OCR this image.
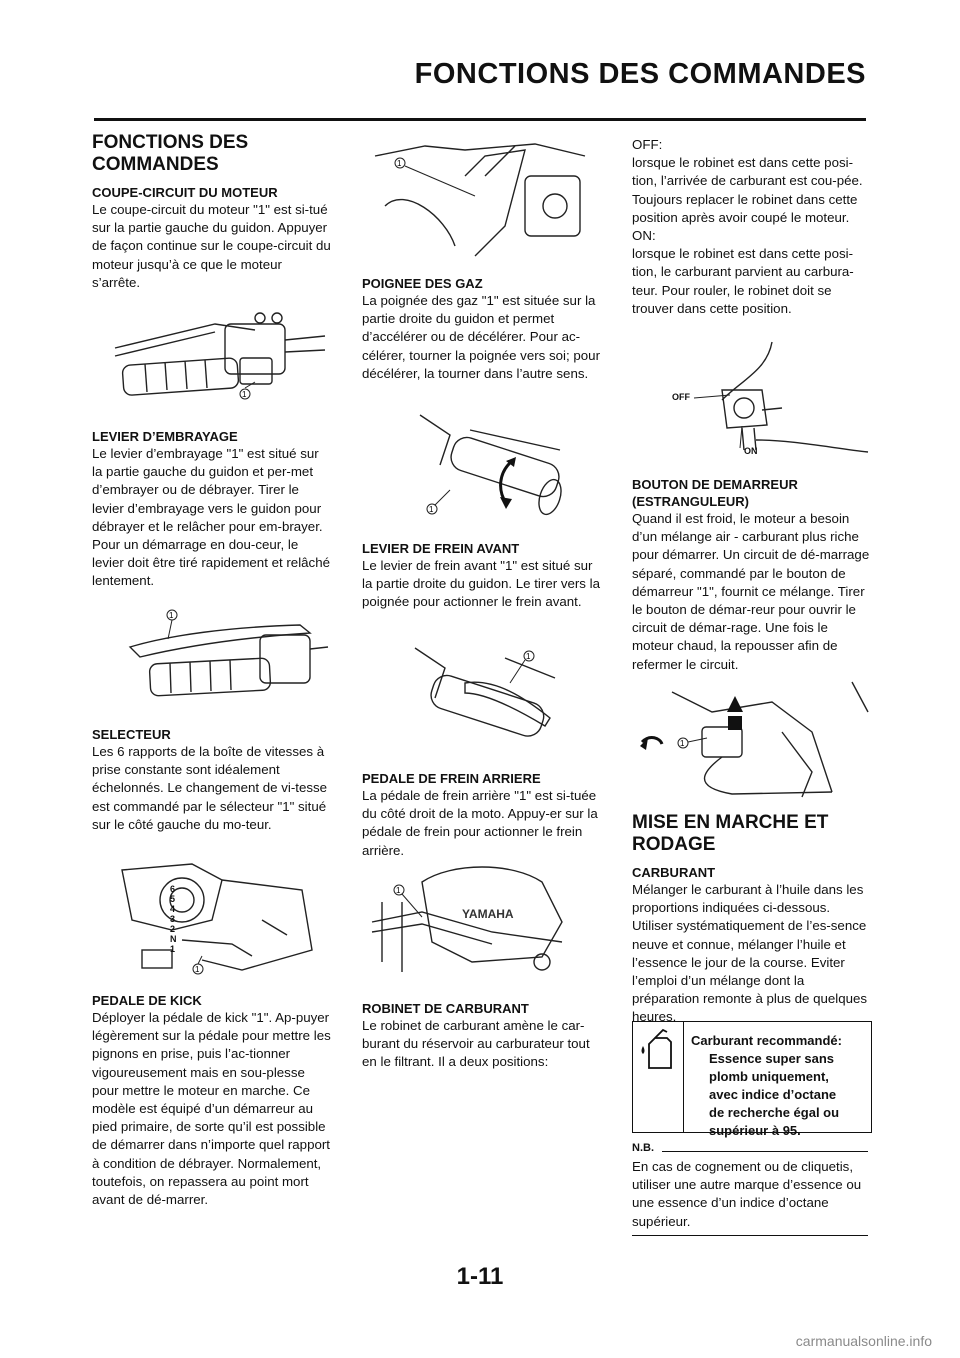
FONCTIONS DES COMMANDES
FONCTIONS DES COMMANDES
COUPE-CIRCUIT DU MOTEUR

Le coupe-circuit du moteur "1" est si-tué sur la partie gauche du guidon. Appuyer de façon continue sur le coupe-circuit du moteur jusqu’à ce que le moteur s’arrête.

1
LEVIER D’EMBRAYAGE

Le levier d’embrayage "1" est situé sur la partie gauche du guidon et per-met d’embrayer ou de débrayer. Tirer le levier d’embrayage vers le guidon pour débrayer et le relâcher pour em-brayer. Pour un démarrage en dou-ceur, le levier doit être tiré rapidement et relâché lentement.

1
SELECTEUR

Les 6 rapports de la boîte de vitesses à prise constante sont idéalement échelonnés. Le changement de vi-tesse est commandé par le sélecteur "1" situé sur le côté gauche du mo-teur.

6
5
4
3
2
N
1
1
PEDALE DE KICK

Déployer la pédale de kick "1". Ap-puyer légèrement sur la pédale pour mettre les pignons en prise, puis l’ac-tionner vigoureusement mais en sou-plesse pour mettre le moteur en marche. Ce modèle est équipé d’un démarreur au pied primaire, de sorte qu’il est possible de démarrer dans n’importe quel rapport à condition de débrayer. Normalement, toutefois, on repassera au point mort avant de dé-marrer.

1
POIGNEE DES GAZ

La poignée des gaz "1" est située sur la partie droite du guidon et permet d’accélérer ou de décélérer. Pour ac-célérer, tourner la poignée vers soi; pour décélérer, la tourner dans l’autre sens.

1
LEVIER DE FREIN AVANT

Le levier de frein avant "1" est situé sur la partie droite du guidon. Le tirer vers la poignée pour actionner le frein avant.

1
PEDALE DE FREIN ARRIERE

La pédale de frein arrière "1" est si-tuée du côté droit de la moto. Appuy-er sur la pédale de frein pour actionner le frein arrière.

YAMAHA
1
ROBINET DE CARBURANT

Le robinet de carburant amène le car-burant du réservoir au carburateur tout en le filtrant. Il a deux positions:

OFF:

lorsque le robinet est dans cette posi-tion, l’arrivée de carburant est cou-pée. Toujours replacer le robinet dans cette position après avoir coupé le moteur.

ON:

lorsque le robinet est dans cette posi-tion, le carburant parvient au carbura-teur. Pour rouler, le robinet doit se trouver dans cette position.

OFF
ON
BOUTON DE DEMARREUR (ESTRANGULEUR)

Quand il est froid, le moteur a besoin d’un mélange air - carburant plus riche pour démarrer. Un circuit de dé-marrage séparé, commandé par le bouton de démarreur "1", fournit ce mélange. Tirer le bouton de démar-reur pour ouvrir le circuit de démar-rage. Une fois le moteur chaud, la repousser afin de refermer le circuit.

1
MISE EN MARCHE ET RODAGE
CARBURANT

Mélanger le carburant à l’huile dans les proportions indiquées ci-dessous. Utiliser systématiquement de l’es-sence neuve et connue, mélanger l’huile et l’essence le jour de la course. Eviter l’emploi d’un mélange dont la préparation remonte à plus de quelques heures.

Carburant recommandé:
Essence super sans
plomb uniquement,
avec indice d’octane
de recherche égal ou
supérieur à 95.
N.B.

En cas de cognement ou de cliquetis, utiliser une autre marque d’essence ou une essence d’un indice d’octane supérieur.

1-11
carmanualsonline.info
